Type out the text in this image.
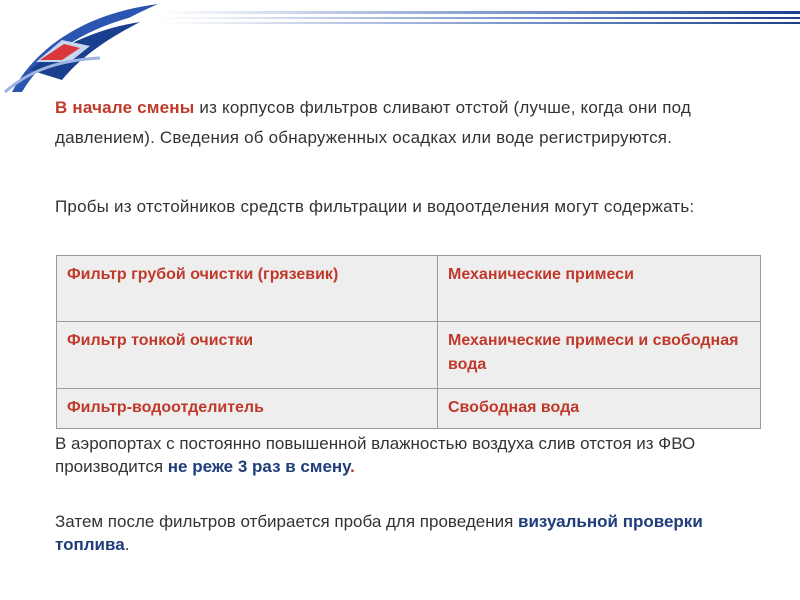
В начале смены из корпусов фильтров сливают отстой (лучше, когда они под давлением). Сведения об обнаруженных осадках или воде регистрируются.
Пробы из отстойников средств фильтрации и водоотделения могут содержать:
Фильтр грубой очистки (грязевик)	Механические примеси
Фильтр тонкой очистки	Механические примеси и свободная вода
Фильтр-водоотделитель	Свободная вода
В аэропортах с постоянно повышенной влажностью воздуха слив отстоя из ФВО производится не реже 3 раз в смену.
Затем после фильтров отбирается проба для проведения визуальной проверки топлива.
